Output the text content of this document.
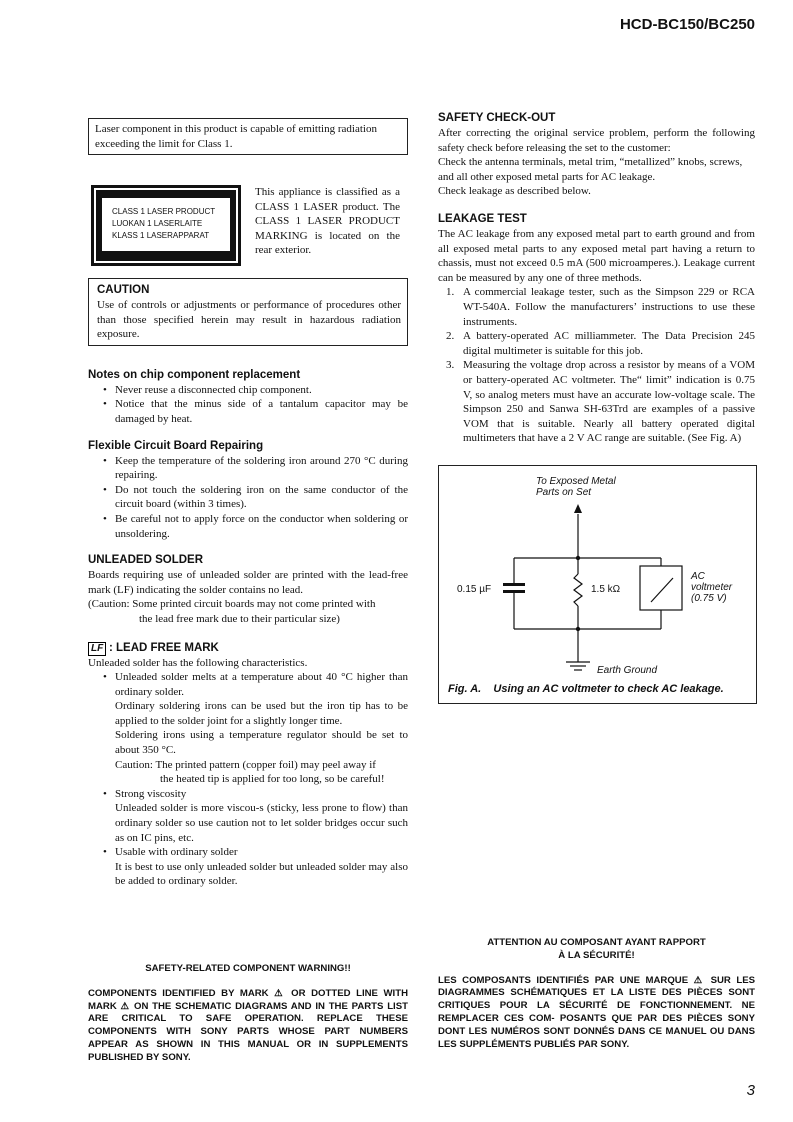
HCD-BC150/BC250

Laser component in this product is capable of emitting radiation exceeding the limit for Class 1.

CLASS 1 LASER PRODUCT
LUOKAN 1 LASERLAITE
KLASS 1 LASERAPPARAT

This appliance is classified as a CLASS 1 LASER product. The CLASS 1 LASER PRODUCT MARKING is located on the rear exterior.

CAUTION

Use of controls or adjustments or performance of procedures other than those specified herein may result in hazardous radiation exposure.

Notes on chip component replacement
• Never reuse a disconnected chip component.
• Notice that the minus side of a tantalum capacitor may be damaged by heat.
Flexible Circuit Board Repairing
• Keep the temperature of the soldering iron around 270 °C during repairing.
• Do not touch the soldering iron on the same conductor of the circuit board (within 3 times).
• Be careful not to apply force on the conductor when soldering or unsoldering.
UNLEADED SOLDER

Boards requiring use of unleaded solder are printed with the lead-free mark (LF) indicating the solder contains no lead.

(Caution: Some printed circuit boards may not come printed with

the lead free mark due to their particular size)

LF : LEAD FREE MARK

Unleaded solder has the following characteristics.

• Unleaded solder melts at a temperature about 40 °C higher than ordinary solder.
Ordinary soldering irons can be used but the iron tip has to be applied to the solder joint for a slightly longer time.
Soldering irons using a temperature regulator should be set to about 350 °C.
Caution: The printed pattern (copper foil) may peel away if
the heated tip is applied for too long, so be careful!
• Strong viscosity
Unleaded solder is more viscou-s (sticky, less prone to flow) than ordinary solder so use caution not to let solder bridges occur such as on IC pins, etc.
• Usable with ordinary solder
It is best to use only unleaded solder but unleaded solder may also be added to ordinary solder.
SAFETY CHECK-OUT

After correcting the original service problem, perform the following safety check before releasing the set to the customer:

Check the antenna terminals, metal trim, “metallized” knobs, screws, and all other exposed metal parts for AC leakage.

Check leakage as described below.

LEAKAGE TEST

The AC leakage from any exposed metal part to earth ground and from all exposed metal parts to any exposed metal part having a return to chassis, must not exceed 0.5 mA (500 microamperes.). Leakage current can be measured by any one of three methods.

1. A commercial leakage tester, such as the Simpson 229 or RCA WT-540A. Follow the manufacturers’ instructions to use these instruments.
2. A battery-operated AC milliammeter. The Data Precision 245 digital multimeter is suitable for this job.
3. Measuring the voltage drop across a resistor by means of a VOM or battery-operated AC voltmeter. The“ limit” indication is 0.75 V, so analog meters must have an accurate low-voltage scale. The Simpson 250 and Sanwa SH-63Trd are examples of a passive VOM that is suitable. Nearly all battery operated digital multimeters that have a 2 V AC range are suitable. (See Fig. A)
To Exposed Metal
Parts on Set
0.15 µF	1.5 kΩ
AC
voltmeter
(0.75 V)
Earth Ground
Fig. A.    Using an AC voltmeter to check AC leakage.
SAFETY-RELATED COMPONENT WARNING!!
COMPONENTS IDENTIFIED BY MARK ⚠ OR DOTTED LINE WITH MARK ⚠ ON THE SCHEMATIC DIAGRAMS AND IN THE PARTS LIST ARE CRITICAL TO SAFE OPERATION. REPLACE THESE COMPONENTS WITH SONY PARTS WHOSE PART NUMBERS APPEAR AS SHOWN IN THIS MANUAL OR IN SUPPLEMENTS PUBLISHED BY SONY.
ATTENTION AU COMPOSANT AYANT RAPPORT
À LA SÉCURITÉ!
LES COMPOSANTS IDENTIFIÉS PAR UNE MARQUE ⚠ SUR LES DIAGRAMMES SCHÉMATIQUES ET LA LISTE DES PIÈCES SONT CRITIQUES POUR LA SÉCURITÉ DE FONCTIONNEMENT. NE REMPLACER CES COM- POSANTS QUE PAR DES PIÈCES SONY DONT LES NUMÉROS SONT DONNÉS DANS CE MANUEL OU DANS LES SUPPLÉMENTS PUBLIÉS PAR SONY.
3
